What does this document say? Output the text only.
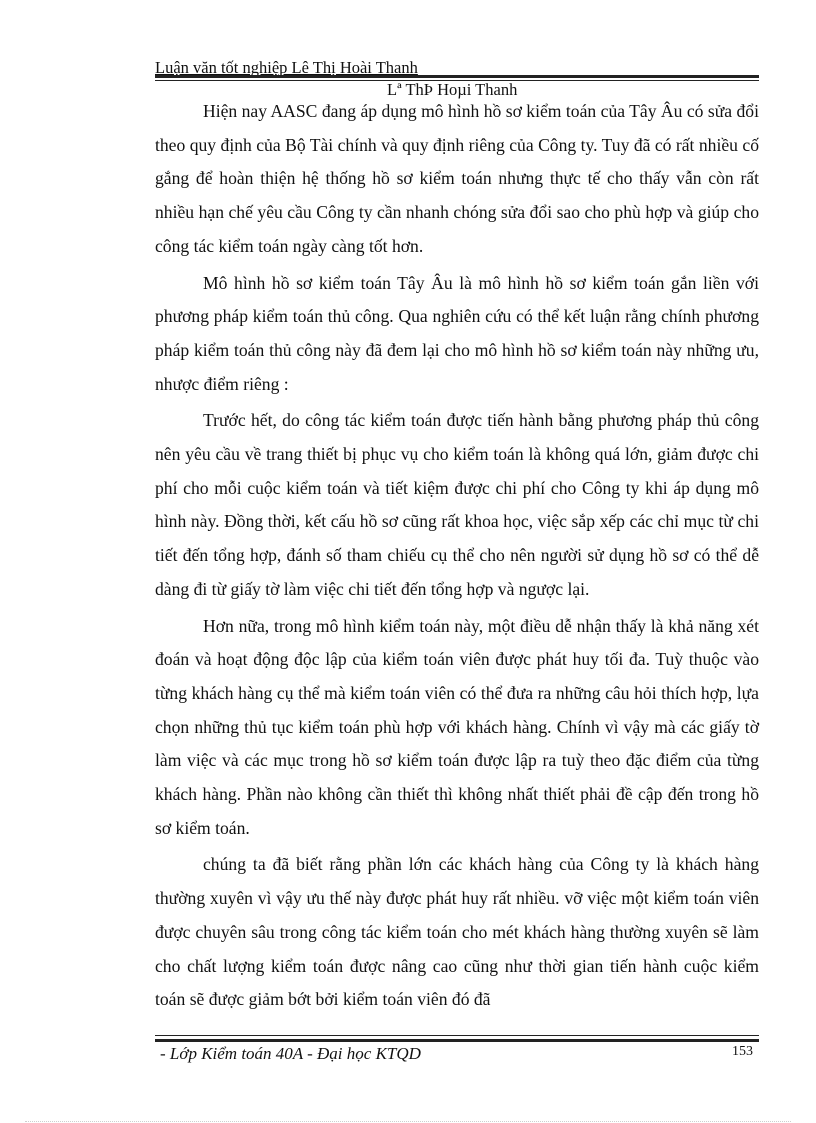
Luận văn tốt nghiệp Lê Thị Hoài Thanh
Lª ThÞ Hoµi Thanh

Hiện nay AASC đang áp dụng mô hình hồ sơ kiểm toán của Tây Âu có sửa đổi theo quy định của Bộ Tài chính và quy định riêng của Công ty. Tuy đã có rất nhiều cố gắng để hoàn thiện hệ thống hồ sơ kiểm toán nhưng thực tế cho thấy vẫn còn rất nhiều hạn chế yêu cầu Công ty cần nhanh chóng sửa đổi sao cho phù hợp và giúp cho công tác kiểm toán ngày càng tốt hơn.

Mô hình hồ sơ kiểm toán Tây Âu là mô hình hồ sơ kiểm toán gắn liền với phương pháp kiểm toán thủ công. Qua nghiên cứu có thể kết luận rằng chính phương pháp kiểm toán thủ công này đã đem lại cho mô hình hồ sơ kiểm toán này những ưu, nhược điểm riêng :

Trước hết, do công tác kiểm toán được tiến hành bằng phương pháp thủ công nên yêu cầu về trang thiết bị phục vụ cho kiểm toán là không quá lớn, giảm được chi phí cho mỗi cuộc kiểm toán và tiết kiệm được chi phí cho Công ty khi áp dụng mô hình này. Đồng thời, kết cấu hồ sơ cũng rất khoa học, việc sắp xếp các chỉ mục từ chi tiết đến tổng hợp, đánh số tham chiếu cụ thể cho nên người sử dụng hồ sơ có thể dễ dàng đi từ giấy tờ làm việc chi tiết đến tổng hợp và ngược lại.

Hơn nữa, trong mô hình kiểm toán này, một điều dễ nhận thấy là khả năng xét đoán và hoạt động độc lập của kiểm toán viên được phát huy tối đa. Tuỳ thuộc vào từng khách hàng cụ thể mà kiểm toán viên có thể đưa ra những câu hỏi thích hợp, lựa chọn những thủ tục kiểm toán phù hợp với khách hàng. Chính vì vậy mà các giấy tờ làm việc và các mục trong hồ sơ kiểm toán được lập ra tuỳ theo đặc điểm của từng khách hàng. Phần nào không cần thiết thì không nhất thiết phải đề cập đến trong hồ sơ kiểm toán.

chúng ta đã biết rằng phần lớn các khách hàng của Công ty là khách hàng thường xuyên vì vậy ưu thế này được phát huy rất nhiều. vỡ việc một kiểm toán viên được chuyên sâu trong công tác kiểm toán cho mét khách hàng thường xuyên sẽ làm cho chất lượng kiểm toán được nâng cao cũng như thời gian tiến hành cuộc kiểm toán sẽ được giảm bớt bởi kiểm toán viên đó đã

- Lớp Kiểm toán 40A - Đại học KTQD	153
